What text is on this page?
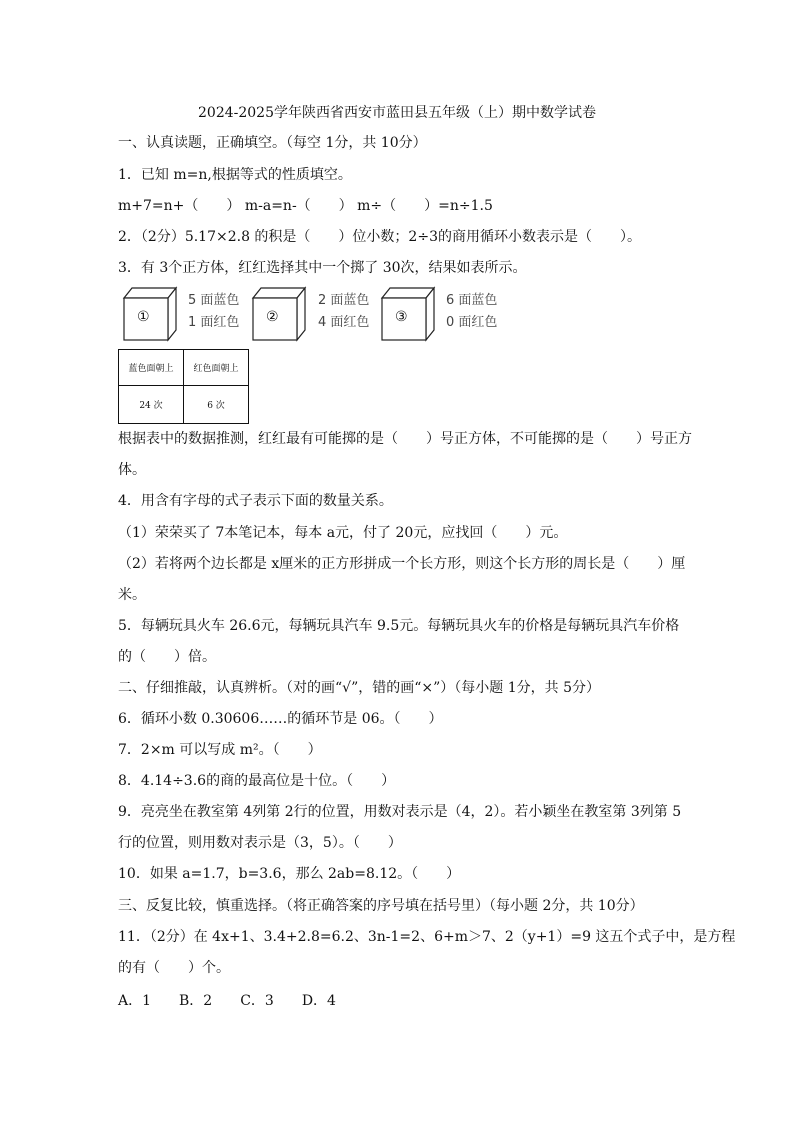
2024-2025学年陕西省西安市蓝田县五年级（上）期中数学试卷
一、认真读题，正确填空。（每空 1分，共 10分）
1．已知 m=n,根据等式的性质填空。
m+7=n+（　　） m-a=n-（　　） m÷（　　）=n÷1.5
2．（2分）5.17×2.8 的积是（　　）位小数；2÷3的商用循环小数表示是（　　）。
3．有 3个正方体，红红选择其中一个掷了 30次，结果如表所示。
①	②	③
5 面蓝色
1 面红色
2 面蓝色
4 面红色
6 面蓝色
0 面红色
蓝色面朝上	红色面朝上
24 次	6 次
根据表中的数据推测，红红最有可能掷的是（　　）号正方体，不可能掷的是（　　）号正方
体。
4．用含有字母的式子表示下面的数量关系。
（1）荣荣买了 7本笔记本，每本 a元，付了 20元，应找回（　　）元。
（2）若将两个边长都是 x厘米的正方形拼成一个长方形，则这个长方形的周长是（　　）厘
米。
5．每辆玩具火车 26.6元，每辆玩具汽车 9.5元。每辆玩具火车的价格是每辆玩具汽车价格
的（　　）倍。
二、仔细推敲，认真辨析。（对的画“√”，错的画“×”）（每小题 1分，共 5分）
6．循环小数 0.30606……的循环节是 06。（　　）
7．2×m 可以写成 m²。（　　）
8．4.14÷3.6的商的最高位是十位。（　　）
9．亮亮坐在教室第 4列第 2行的位置，用数对表示是（4，2）。若小颖坐在教室第 3列第 5
行的位置，则用数对表示是（3，5）。（　　）
10．如果 a=1.7，b=3.6，那么 2ab=8.12。（　　）
三、反复比较，慎重选择。（将正确答案的序号填在括号里）（每小题 2分，共 10分）
11．（2分）在 4x+1、3.4+2.8=6.2、3n-1=2、6+m＞7、2（y+1）=9 这五个式子中，是方程
的有（　　）个。
A．1　　B．2　　C．3　　D．4
